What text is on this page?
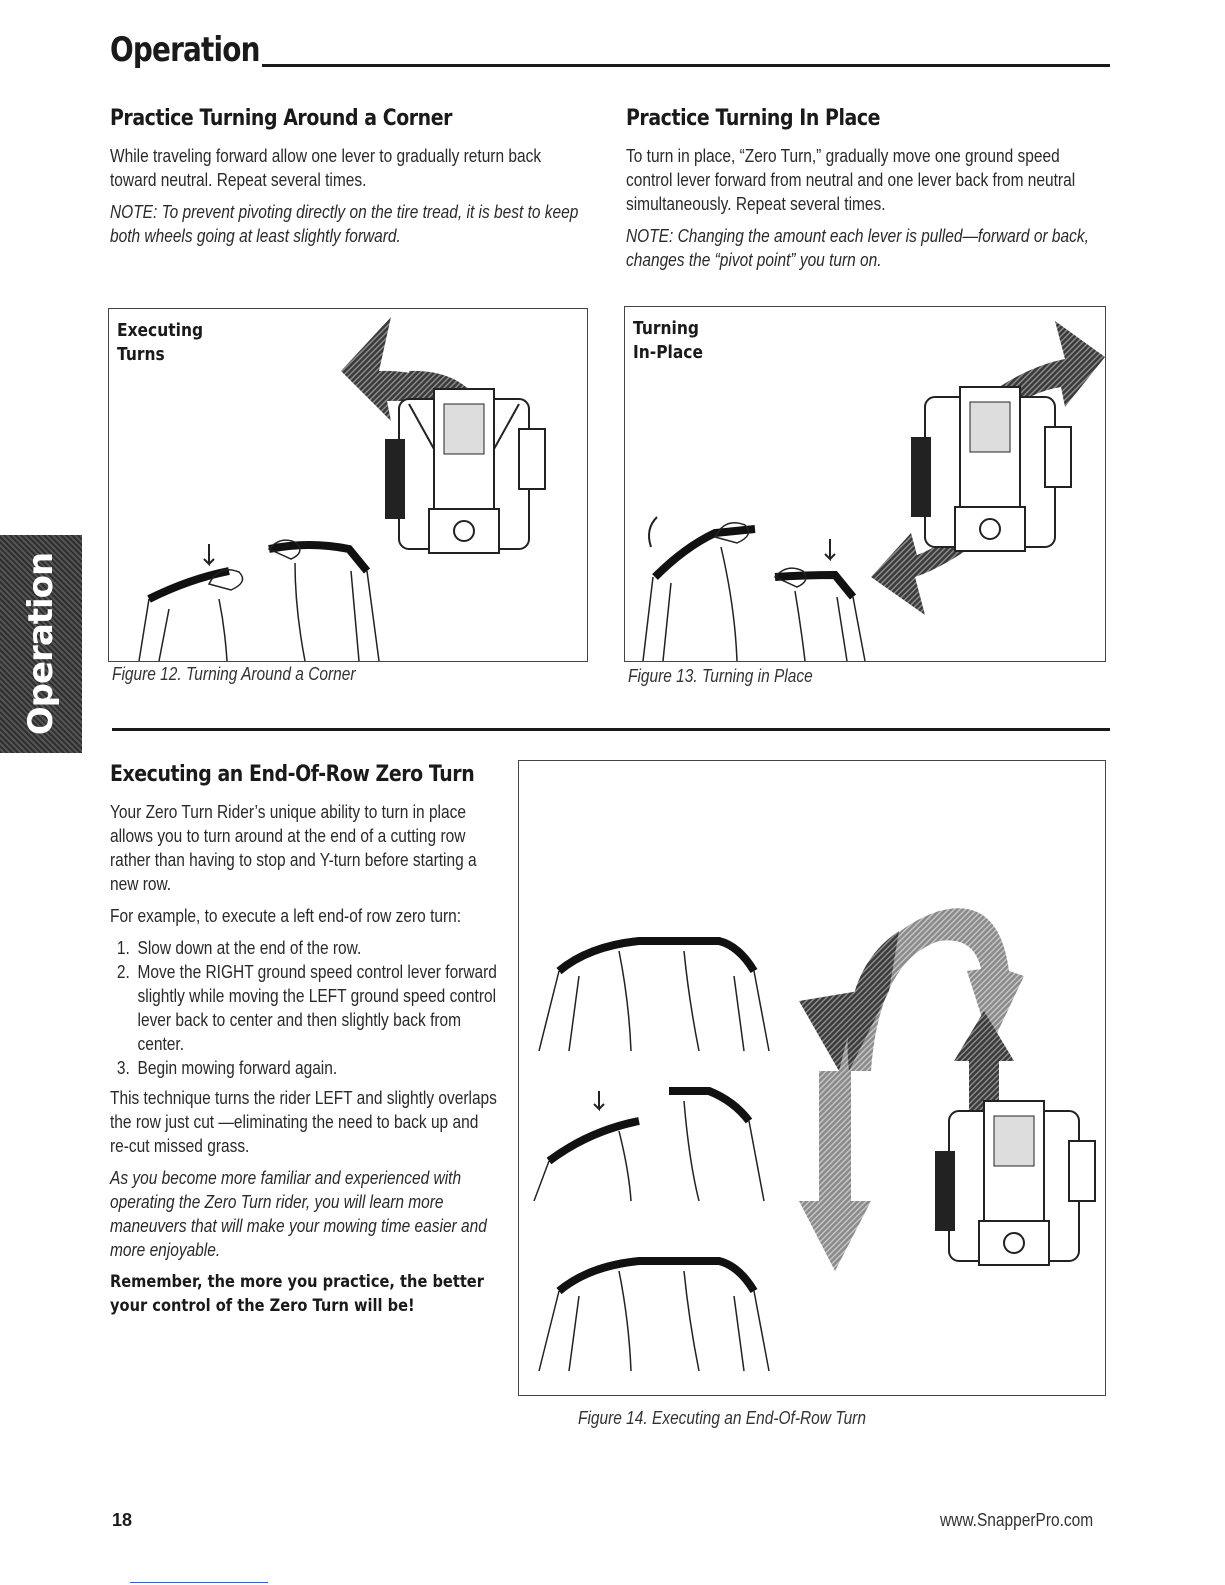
Operation
Operation
Practice Turning Around a Corner

While traveling forward allow one lever to gradually return back toward neutral. Repeat several times.

NOTE: To prevent pivoting directly on the tire tread, it is best to keep both wheels going at least slightly forward.

Practice Turning In Place

To turn in place, “Zero Turn,” gradually move one ground speed control lever forward from neutral and one lever back from neutral simultaneously. Repeat several times.

NOTE: Changing the amount each lever is pulled—forward or back, changes the “pivot point” you turn on.

Executing
Turns
Figure 12. Turning Around a Corner
Turning
In-Place
Figure 13. Turning in Place
Executing an End-Of-Row Zero Turn

Your Zero Turn Rider’s unique ability to turn in place allows you to turn around at the end of a cutting row rather than having to stop and Y-turn before starting a new row.

For example, to execute a left end-of row zero turn:

1. Slow down at the end of the row.
2. Move the RIGHT ground speed control lever forward slightly while moving the LEFT ground speed control lever back to center and then slightly back from center.
3. Begin mowing forward again.

This technique turns the rider LEFT and slightly overlaps the row just cut —eliminating the need to back up and re-cut missed grass.

As you become more familiar and experienced with operating the Zero Turn rider, you will learn more maneuvers that will make your mowing time easier and more enjoyable.

Remember, the more you practice, the better your control of the Zero Turn will be!

Figure 14. Executing an End-Of-Row Turn
18	www.SnapperPro.com
